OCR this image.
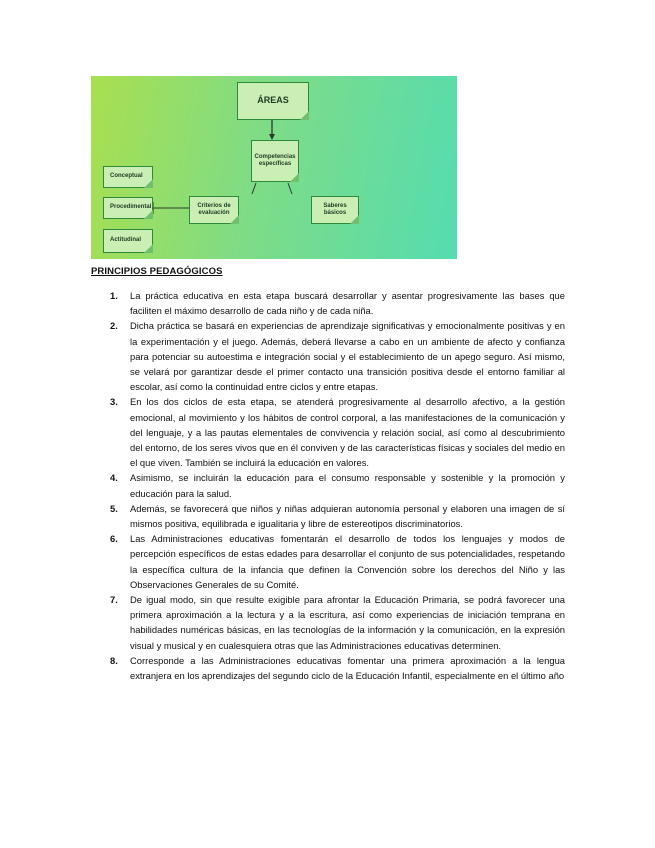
ÁREAS
Competencias específicas
Criterios de evaluación
Saberes básicos
Conceptual
Procedimental
Actitudinal
PRINCIPIOS PEDAGÓGICOS
1. La práctica educativa en esta etapa buscará desarrollar y asentar progresivamente las bases que faciliten el máximo desarrollo de cada niño y de cada niña.
2. Dicha práctica se basará en experiencias de aprendizaje significativas y emocionalmente positivas y en la experimentación y el juego. Además, deberá llevarse a cabo en un ambiente de afecto y confianza para potenciar su autoestima e integración social y el establecimiento de un apego seguro. Así mismo, se velará por garantizar desde el primer contacto una transición positiva desde el entorno familiar al escolar, así como la continuidad entre ciclos y entre etapas.
3. En los dos ciclos de esta etapa, se atenderá progresivamente al desarrollo afectivo, a la gestión emocional, al movimiento y los hábitos de control corporal, a las manifestaciones de la comunicación y del lenguaje, y a las pautas elementales de convivencia y relación social, así como al descubrimiento del entorno, de los seres vivos que en él conviven y de las características físicas y sociales del medio en el que viven. También se incluirá la educación en valores.
4. Asimismo, se incluirán la educación para el consumo responsable y sostenible y la promoción y educación para la salud.
5. Además, se favorecerá que niños y niñas adquieran autonomía personal y elaboren una imagen de sí mismos positiva, equilibrada e igualitaria y libre de estereotipos discriminatorios.
6. Las Administraciones educativas fomentarán el desarrollo de todos los lenguajes y modos de percepción específicos de estas edades para desarrollar el conjunto de sus potencialidades, respetando la específica cultura de la infancia que definen la Convención sobre los derechos del Niño y las Observaciones Generales de su Comité.
7. De igual modo, sin que resulte exigible para afrontar la Educación Primaria, se podrá favorecer una primera aproximación a la lectura y a la escritura, así como experiencias de iniciación temprana en habilidades numéricas básicas, en las tecnologías de la información y la comunicación, en la expresión visual y musical y en cualesquiera otras que las Administraciones educativas determinen.
8. Corresponde a las Administraciones educativas fomentar una primera aproximación a la lengua extranjera en los aprendizajes del segundo ciclo de la Educación Infantil, especialmente en el último año
